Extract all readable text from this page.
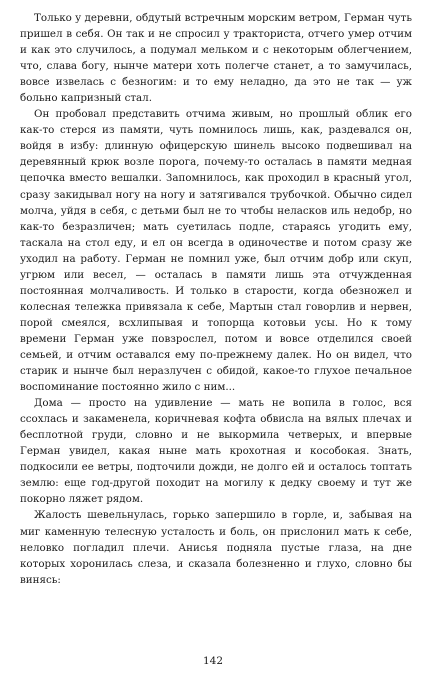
Только у деревни, обдутый встречным морским ветром, Герман чуть пришел в себя. Он так и не спросил у тракториста, отчего умер отчим и как это случилось, а подумал мельком и с некоторым облегчением, что, слава богу, нынче матери хоть полегче станет, а то замучилась, вовсе извелась с безногим: и то ему неладно, да это не так — уж больно капризный стал.

Он пробовал представить отчима живым, но прошлый облик его как-то стерся из памяти, чуть помнилось лишь, как, раздевался он, войдя в избу: длинную офицерскую шинель высоко подвешивал на деревянный крюк возле порога, почему-то осталась в памяти медная цепочка вместо вешалки. Запомнилось, как проходил в красный угол, сразу закидывал ногу на ногу и затягивался трубочкой. Обычно сидел молча, уйдя в себя, с детьми был не то чтобы неласков иль недобр, но как-то безразличен; мать суетилась подле, стараясь угодить ему, таскала на стол еду, и ел он всегда в одиночестве и потом сразу же уходил на работу. Герман не помнил уже, был отчим добр или скуп, угрюм или весел, — осталась в памяти лишь эта отчужденная постоянная молчаливость. И только в старости, когда обезножел и колесная тележка привязала к себе, Мартын стал говорлив и нервен, порой смеялся, всхлипывая и топорща котовьи усы. Но к тому времени Герман уже повзрослел, потом и вовсе отделился своей семьей, и отчим оставался ему по-прежнему далек. Но он видел, что старик и нынче был неразлучен с обидой, какое-то глухое печальное воспоминание постоянно жило с ним...

Дома — просто на удивление — мать не вопила в голос, вся ссохлась и закаменела, коричневая кофта обвисла на вялых плечах и бесплотной груди, словно и не выкормила четверых, и впервые Герман увидел, какая ныне мать крохотная и кособокая. Знать, подкосили ее ветры, подточили дожди, не долго ей и осталось топтать землю: еще год-другой походит на могилу к дедку своему и тут же покорно ляжет рядом.

Жалость шевельнулась, горько запершило в горле, и, забывая на миг каменную телесную усталость и боль, он прислонил мать к себе, неловко погладил плечи. Анисья подняла пустые глаза, на дне которых хоронилась слеза, и сказала болезненно и глухо, словно бы винясь:

142
